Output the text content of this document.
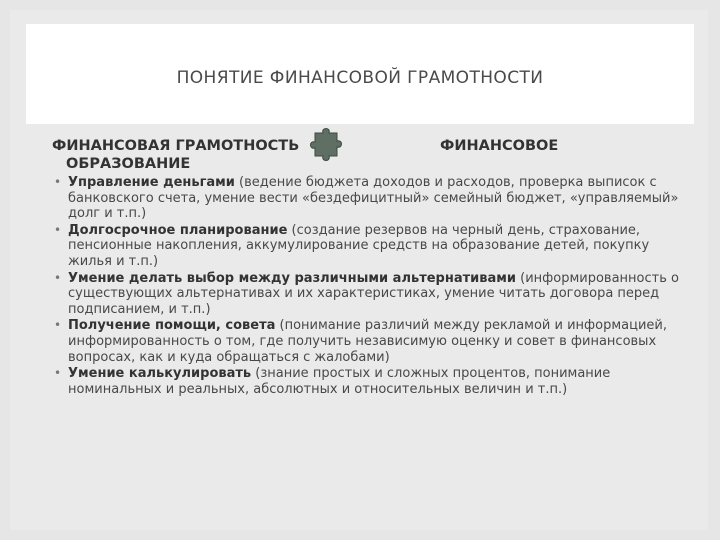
ПОНЯТИЕ ФИНАНСОВОЙ ГРАМОТНОСТИ
ФИНАНСОВАЯ ГРАМОТНОСТЬ	ФИНАНСОВОЕ
ОБРАЗОВАНИЕ
• Управление деньгами (ведение бюджета доходов и расходов, проверка выписок с банковского счета, умение вести «бездефицитный» семейный бюджет, «управляемый» долг и т.п.)
• Долгосрочное планирование (создание резервов на черный день, страхование, пенсионные накопления, аккумулирование средств на образование детей, покупку жилья и т.п.)
• Умение делать выбор между различными альтернативами (информированность о существующих альтернативах и их характеристиках, умение читать договора перед подписанием, и т.п.)
• Получение помощи, совета (понимание различий между рекламой и информацией, информированность о том, где получить независимую оценку и совет в финансовых вопросах, как и куда обращаться с жалобами)
• Умение калькулировать (знание простых и сложных процентов, понимание номинальных и реальных, абсолютных и относительных величин и т.п.)
